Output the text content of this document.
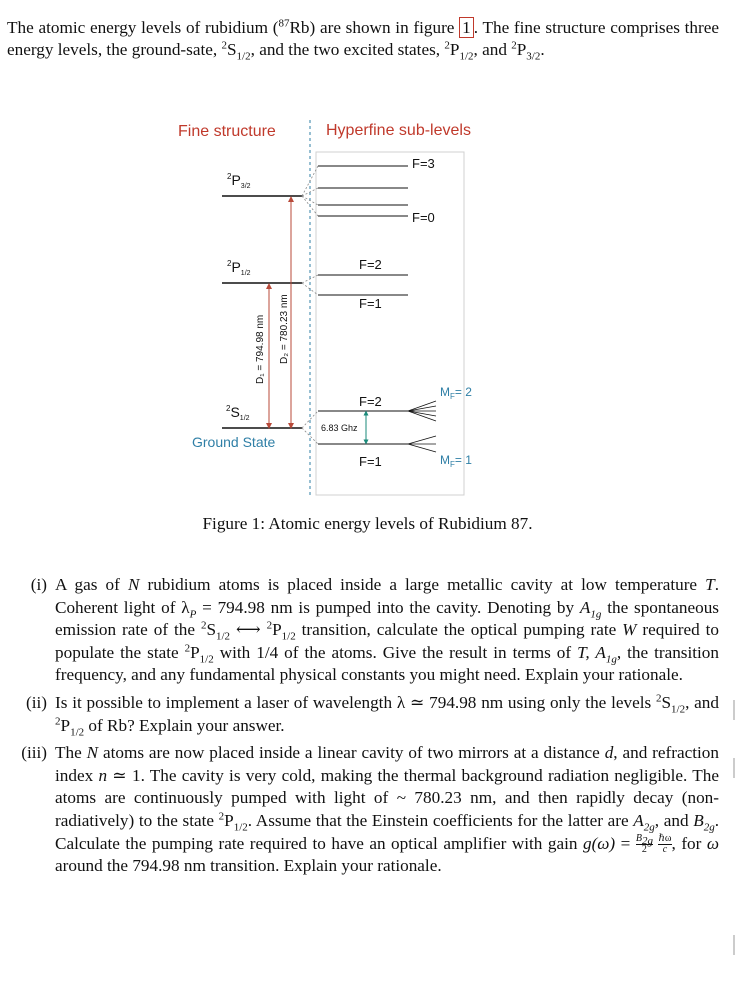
The atomic energy levels of rubidium ($^{87}$Rb) are shown in figure 1 . The fine structure comprises three energy levels, the ground-sate, $^2S_{1/2}$, and the two excited states, $^2P_{1/2}$, and $^2P_{3/2}$.
Fine structure	Hyperfine sub-levels
$^2P_{3/2}$
$^2P_{1/2}$
$^2S_{1/2}$
Ground State
D₁ = 794.98 nm D₂ = 780.23 nm
F=3
F=0
F=2
F=1
F=2
F=1
6.83 Ghz
$M_F= 2$
$M_F= 1$
Figure 1: Atomic energy levels of Rubidium 87.
(i) A gas of N rubidium atoms is placed inside a large metallic cavity at low temperature T. Coherent light of $\lambda_P = 794.98$ nm is pumped into the cavity. Denoting by $A_{1g}$ the spontaneous emission rate of the $^2S_{1/2}$ ⟷ $^2P_{1/2}$ transition, calculate the optical pumping rate W required to populate the state $^2P_{1/2}$ with 1/4 of the atoms. Give the result in terms of T, $A_{1g}$, the transition frequency, and any fundamental physical constants you might need. Explain your rationale.
(ii) Is it possible to implement a laser of wavelength λ ≃ 794.98 nm using only the levels $^2S_{1/2}$, and $^2P_{1/2}$ of Rb? Explain your answer.
(iii) The N atoms are now placed inside a linear cavity of two mirrors at a distance d, and refraction index n ≃ 1. The cavity is very cold, making the thermal background radiation negligible. The atoms are continuously pumped with light of ~ 780.23 nm, and then rapidly decay (non-radiatively) to the state $^2P_{1/2}$. Assume that the Einstein coefficients for the latter are $A_{2g}$, and $B_{2g}$. Calculate the pumping rate required to have an optical amplifier with gain $g(\omega) = \frac{B_{2g}}{2}$
$\frac{\text{ℏω}}{c}$, for ω around the 794.98 nm transition. Explain your rationale.
